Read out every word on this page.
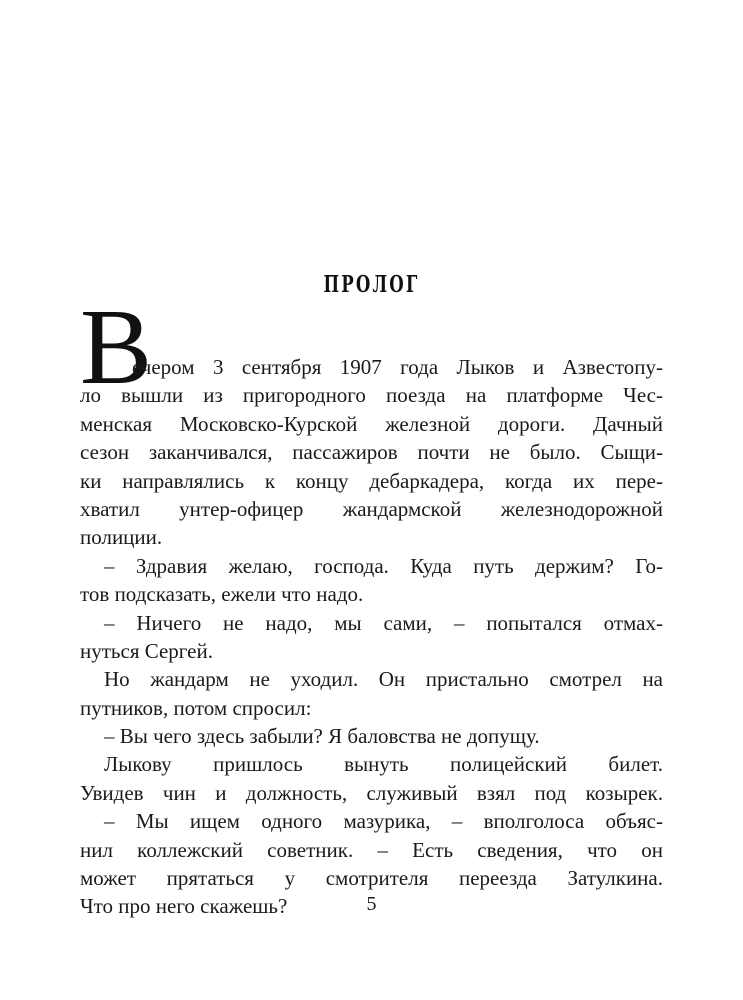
ПРОЛОГ
В
ечером 3 сентября 1907 года Лыков и Азвестопу-
ло вышли из пригородного поезда на платформе Чес-
менская Московско-Курской железной дороги. Дачный
сезон заканчивался, пассажиров почти не было. Сыщи-
ки направлялись к концу дебаркадера, когда их пере-
хватил унтер-офицер жандармской железнодорожной
полиции.
– Здравия желаю, господа. Куда путь держим? Го-
тов подсказать, ежели что надо.
– Ничего не надо, мы сами, – попытался отмах-
нуться Сергей.
Но жандарм не уходил. Он пристально смотрел на
путников, потом спросил:
– Вы чего здесь забыли? Я баловства не допущу.
Лыкову пришлось вынуть полицейский билет.
Увидев чин и должность, служивый взял под козырек.
– Мы ищем одного мазурика, – вполголоса объяс-
нил коллежский советник. – Есть сведения, что он
может прятаться у смотрителя переезда Затулкина.
Что про него скажешь?	5
